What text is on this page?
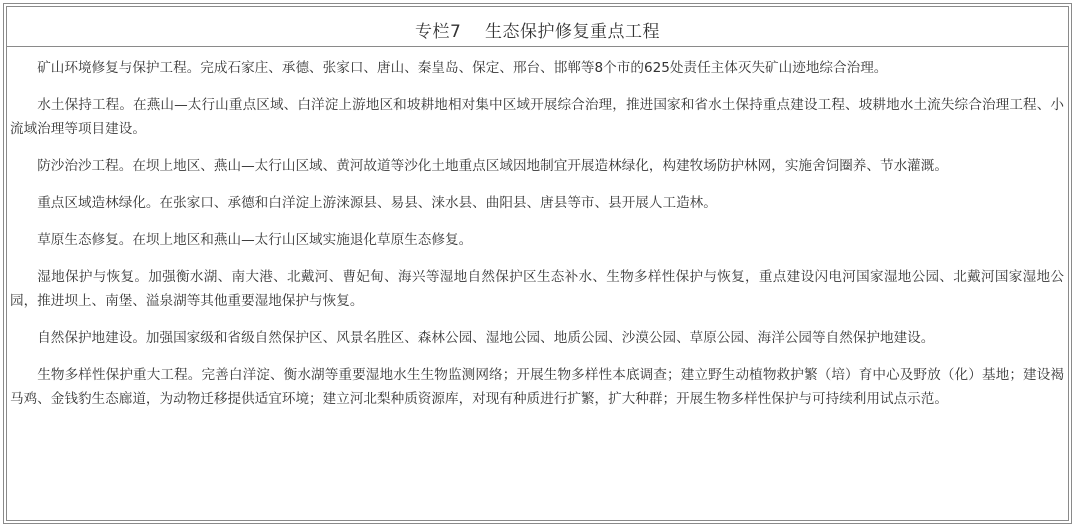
专栏7    生态保护修复重点工程

矿山环境修复与保护工程。完成石家庄、承德、张家口、唐山、秦皇岛、保定、邢台、邯郸等8个市的625处责任主体灭失矿山迹地综合治理。

水土保持工程。在燕山—太行山重点区域、白洋淀上游地区和坡耕地相对集中区域开展综合治理，推进国家和省水土保持重点建设工程、坡耕地水土流失综合治理工程、小流域治理等项目建设。

防沙治沙工程。在坝上地区、燕山—太行山区域、黄河故道等沙化土地重点区域因地制宜开展造林绿化，构建牧场防护林网，实施舍饲圈养、节水灌溉。

重点区域造林绿化。在张家口、承德和白洋淀上游涞源县、易县、涞水县、曲阳县、唐县等市、县开展人工造林。

草原生态修复。在坝上地区和燕山—太行山区域实施退化草原生态修复。

湿地保护与恢复。加强衡水湖、南大港、北戴河、曹妃甸、海兴等湿地自然保护区生态补水、生物多样性保护与恢复，重点建设闪电河国家湿地公园、北戴河国家湿地公园，推进坝上、南堡、溢泉湖等其他重要湿地保护与恢复。

自然保护地建设。加强国家级和省级自然保护区、风景名胜区、森林公园、湿地公园、地质公园、沙漠公园、草原公园、海洋公园等自然保护地建设。

生物多样性保护重大工程。完善白洋淀、衡水湖等重要湿地水生生物监测网络；开展生物多样性本底调查；建立野生动植物救护繁（培）育中心及野放（化）基地；建设褐马鸡、金钱豹生态廊道，为动物迁移提供适宜环境；建立河北梨种质资源库，对现有种质进行扩繁，扩大种群；开展生物多样性保护与可持续利用试点示范。
